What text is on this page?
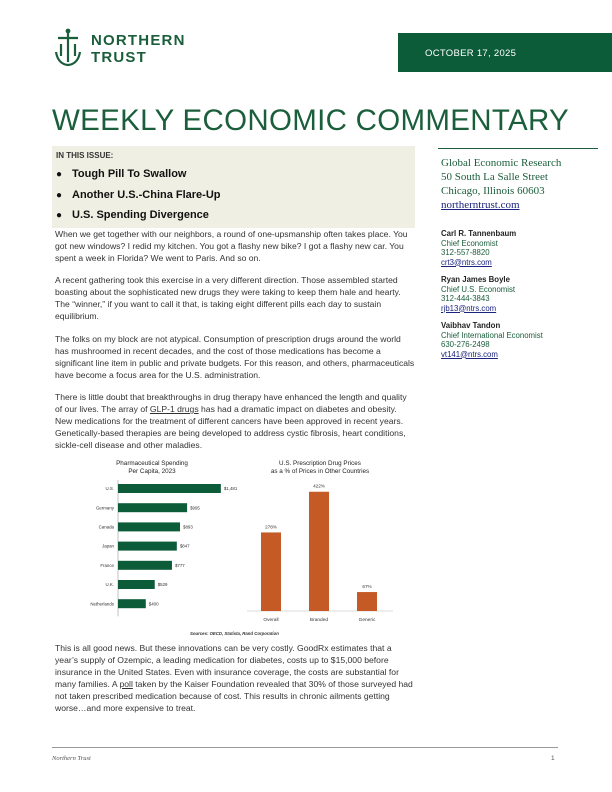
NORTHERN
TRUST	OCTOBER 17, 2025
WEEKLY ECONOMIC COMMENTARY
IN THIS ISSUE:
● Tough Pill To Swallow
● Another U.S.-China Flare-Up
● U.S. Spending Divergence
When we get together with our neighbors, a round of one-upsmanship often takes place. You got new windows? I redid my kitchen. You got a flashy new bike? I got a flashy new car. You spent a week in Florida? We went to Paris. And so on.
A recent gathering took this exercise in a very different direction. Those assembled started boasting about the sophisticated new drugs they were taking to keep them hale and hearty. The “winner,” if you want to call it that, is taking eight different pills each day to sustain equilibrium.
The folks on my block are not atypical. Consumption of prescription drugs around the world has mushroomed in recent decades, and the cost of those medications has become a significant line item in public and private budgets. For this reason, and others, pharmaceuticals have become a focus area for the U.S. administration.
There is little doubt that breakthroughs in drug therapy have enhanced the length and quality of our lives. The array of GLP-1 drugs has had a dramatic impact on diabetes and obesity. New medications for the treatment of different cancers have been approved in recent years. Genetically-based therapies are being developed to address cystic fibrosis, heart conditions, sickle-cell disease and other maladies.
This is all good news. But these innovations can be very costly. GoodRx estimates that a year’s supply of Ozempic, a leading medication for diabetes, costs up to $15,000 before insurance in the United States. Even with insurance coverage, the costs are substantial for many families. A poll taken by the Kaiser Foundation revealed that 30% of those surveyed had not taken prescribed medication because of cost. This results in chronic ailments getting worse…and more expensive to treat.
Global Economic Research
50 South La Salle Street
Chicago, Illinois 60603
northerntrust.com
Carl R. Tannenbaum
Chief Economist
312-557-8820
crt3@ntrs.com
Ryan James Boyle
Chief U.S. Economist
312-444-3843
rjb13@ntrs.com
Vaibhav Tandon
Chief International Economist
630-276-2498
vt141@ntrs.com
Pharmaceutical Spending
Per Capita, 2023
U.S.	$1,481
Germany	$995
Canada	$893
Japan	$847
France	$777
U.K.	$529
Netherlands	$400
U.S. Prescription Drug Prices
as a % of Prices in Other Countries
278%
Overall
422%
Branded
67%
Generic
Sources: OECD, Statista, Rand Corporation
Northern Trust	1
